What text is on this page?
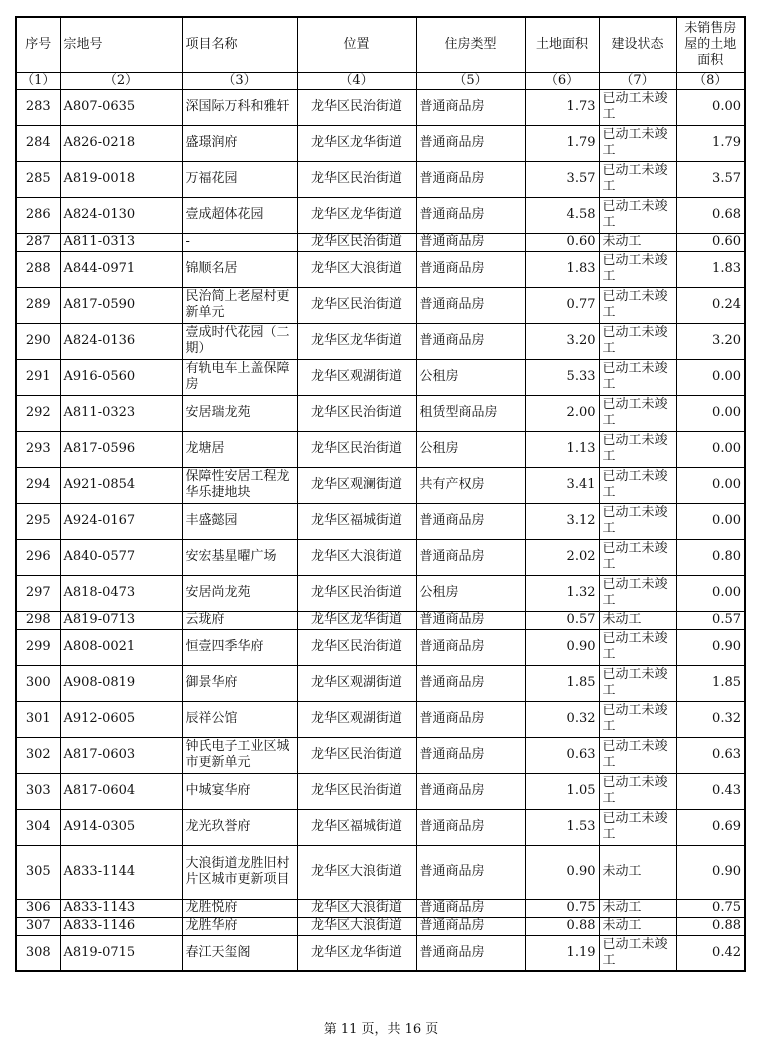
序号	宗地号	项目名称	位置	住房类型	土地面积	建设状态	未销售房屋的土地面积
（1）	（2）	（3）	（4）	（5）	（6）	（7）	（8）
283	A807-0635	深国际万科和雅轩	龙华区民治街道	普通商品房	1.73	已动工未竣工	0.00
284	A826-0218	盛璟润府	龙华区龙华街道	普通商品房	1.79	已动工未竣工	1.79
285	A819-0018	万福花园	龙华区民治街道	普通商品房	3.57	已动工未竣工	3.57
286	A824-0130	壹成超体花园	龙华区龙华街道	普通商品房	4.58	已动工未竣工	0.68
287	A811-0313	-	龙华区民治街道	普通商品房	0.60	未动工	0.60
288	A844-0971	锦顺名居	龙华区大浪街道	普通商品房	1.83	已动工未竣工	1.83
289	A817-0590	民治简上老屋村更新单元	龙华区民治街道	普通商品房	0.77	已动工未竣工	0.24
290	A824-0136	壹成时代花园（二期）	龙华区龙华街道	普通商品房	3.20	已动工未竣工	3.20
291	A916-0560	有轨电车上盖保障房	龙华区观湖街道	公租房	5.33	已动工未竣工	0.00
292	A811-0323	安居瑞龙苑	龙华区民治街道	租赁型商品房	2.00	已动工未竣工	0.00
293	A817-0596	龙塘居	龙华区民治街道	公租房	1.13	已动工未竣工	0.00
294	A921-0854	保障性安居工程龙华乐捷地块	龙华区观澜街道	共有产权房	3.41	已动工未竣工	0.00
295	A924-0167	丰盛懿园	龙华区福城街道	普通商品房	3.12	已动工未竣工	0.00
296	A840-0577	安宏基星曜广场	龙华区大浪街道	普通商品房	2.02	已动工未竣工	0.80
297	A818-0473	安居尚龙苑	龙华区民治街道	公租房	1.32	已动工未竣工	0.00
298	A819-0713	云珑府	龙华区龙华街道	普通商品房	0.57	未动工	0.57
299	A808-0021	恒壹四季华府	龙华区民治街道	普通商品房	0.90	已动工未竣工	0.90
300	A908-0819	御景华府	龙华区观湖街道	普通商品房	1.85	已动工未竣工	1.85
301	A912-0605	辰祥公馆	龙华区观湖街道	普通商品房	0.32	已动工未竣工	0.32
302	A817-0603	钟氏电子工业区城市更新单元	龙华区民治街道	普通商品房	0.63	已动工未竣工	0.63
303	A817-0604	中城宴华府	龙华区民治街道	普通商品房	1.05	已动工未竣工	0.43
304	A914-0305	龙光玖誉府	龙华区福城街道	普通商品房	1.53	已动工未竣工	0.69
305	A833-1144	大浪街道龙胜旧村片区城市更新项目	龙华区大浪街道	普通商品房	0.90	未动工	0.90
306	A833-1143	龙胜悦府	龙华区大浪街道	普通商品房	0.75	未动工	0.75
307	A833-1146	龙胜华府	龙华区大浪街道	普通商品房	0.88	未动工	0.88
308	A819-0715	春江天玺阁	龙华区龙华街道	普通商品房	1.19	已动工未竣工	0.42
第 11 页，共 16 页
